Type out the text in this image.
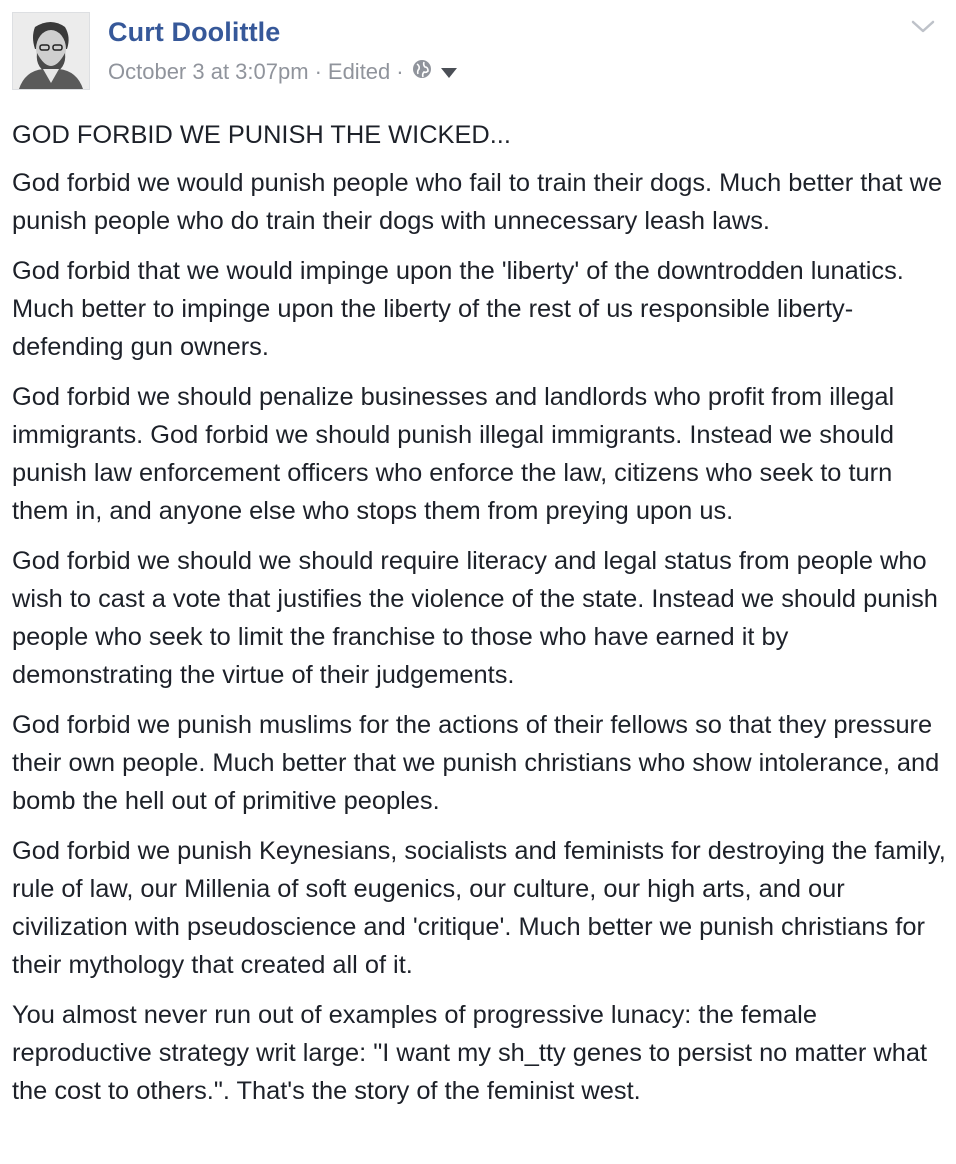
Curt Doolittle
October 3 at 3:07pm · Edited ·

GOD FORBID WE PUNISH THE WICKED...

God forbid we would punish people who fail to train their dogs. Much better that we punish people who do train their dogs with unnecessary leash laws.

God forbid that we would impinge upon the 'liberty' of the downtrodden lunatics. Much better to impinge upon the liberty of the rest of us responsible liberty-defending gun owners.

God forbid we should penalize businesses and landlords who profit from illegal immigrants. God forbid we should punish illegal immigrants. Instead we should punish law enforcement officers who enforce the law, citizens who seek to turn them in, and anyone else who stops them from preying upon us.

God forbid we should we should require literacy and legal status from people who wish to cast a vote that justifies the violence of the state. Instead we should punish people who seek to limit the franchise to those who have earned it by demonstrating the virtue of their judgements.

God forbid we punish muslims for the actions of their fellows so that they pressure their own people. Much better that we punish christians who show intolerance, and bomb the hell out of primitive peoples.

God forbid we punish Keynesians, socialists and feminists for destroying the family, rule of law, our Millenia of soft eugenics, our culture, our high arts, and our civilization with pseudoscience and 'critique'. Much better we punish christians for their mythology that created all of it.

You almost never run out of examples of progressive lunacy: the female reproductive strategy writ large: "I want my sh_tty genes to persist no matter what the cost to others.". That's the story of the feminist west.
